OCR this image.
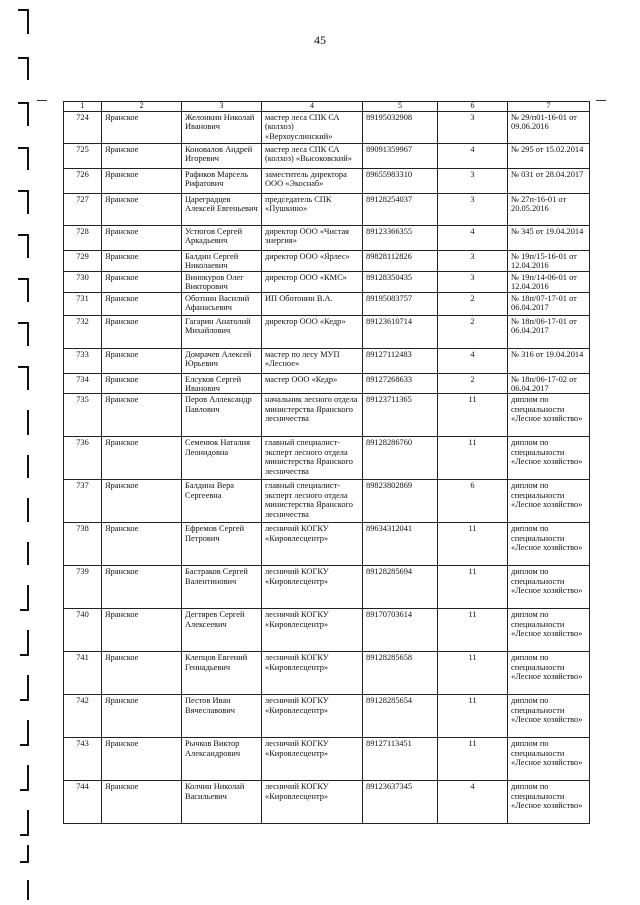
45
1	2	3	4	5	6	7
724	Яранское	Желонкин Николай Иванович	мастер леса СПК СА (колхоз) «Верхоуслинский»	89195032908	3	№ 29/п01-16-01 от 09.06.2016
725	Яранское	Коновалов Андрей Игоревич	мастер леса СПК СА (колхоз) «Высоковский»	89091359967	4	№ 295 от 15.02.2014
726	Яранское	Рафиков Марсель Рифатович	заместитель директора ООО «Экоснаб»	89655983310	3	№ 031 от 28.04.2017
727	Яранское	Цареградцев Алексей Евгеньевич	председатель СПК «Пушкино»	89128254037	3	№ 27п-16-01 от 20.05.2016
728	Яранское	Устюгов Сергей Аркадьевич	директор ООО «Чистая энергия»	89123366355	4	№ 345 от 19.04.2014
729	Яранское	Балдин Сергей Николаевич	директор ООО «Ярлес»	89828112826	3	№ 19п/15-16-01 от 12.04.2016
730	Яранское	Винокуров Олег Викторович	директор ООО «КМС»	89128350435	3	№ 19п/14-06-01 от 12.04.2016
731	Яранское	Оботнин Василий Афанасьевич	ИП Оботонин В.А.	89195083757	2	№ 18п/07-17-01 от 06.04.2017
732	Яранское	Гагарин Анатолий Михайлович	директор ООО «Кедр»	89123610714	2	№ 18п/06-17-01 от 06.04.2017
733	Яранское	Домрачев Алексей Юрьевич	мастер по лесу МУП «Лесное»	89127112483	4	№ 316 от 19.04.2014
734	Яранское	Елсуков Сергей Иванович	мастер ООО «Кедр»	89127268633	2	№ 18п/06-17-02 от 06.04.2017
735	Яранское	Перов Аллександр Павлович	начальник лесного отдела министерства Яранского лесничества	89123711365	11	диплом по специальности «Лесное хозяйство»
736	Яранское	Семенюк Наталия Леонидовна	главный специалист-эксперт лесного отдела министерства Яранского лесничества	89128286760	11	диплом по специальности «Лесное хозяйство»
737	Яранское	Балдина Вера Сергеевна	главный специалист-эксперт лесного отдела министерства Яранского лесничества	89823802869	6	диплом по специальности «Лесное хозяйство»
738	Яранское	Ефремов Сергей Петрович	лесничий КОГКУ «Кировлесцентр»	89634312041	11	диплом по специальности «Лесное хозяйство»
739	Яранское	Бастраков Сергей Валентинович	лесничий КОГКУ «Кировлесцентр»	89128285694	11	диплом по специальности «Лесное хозяйство»
740	Яранское	Дегтярев Сергей Алексеевич	лесничий КОГКУ «Кировлесцентр»	89170703614	11	диплом по специальности «Лесное хозяйство»
741	Яранское	Клепцов Евгений Геннадьевич	лесничий КОГКУ «Кировлесцентр»	89128285658	11	диплом по специальности «Лесное хозяйство»
742	Яранское	Пестов Иван Вячеславович	лесничий КОГКУ «Кировлесцентр»	89128285654	11	диплом по специальности «Лесное хозяйство»
743	Яранское	Рычков Виктор Александрович	лесничий КОГКУ «Кировлесцентр»	89127113451	11	диплом по специальности «Лесное хозяйство»
744	Яранское	Колчин Николай Васильевич	лесничий КОГКУ «Кировлесцентр»	89123637345	4	диплом по специальности «Лесное хозяйство»
